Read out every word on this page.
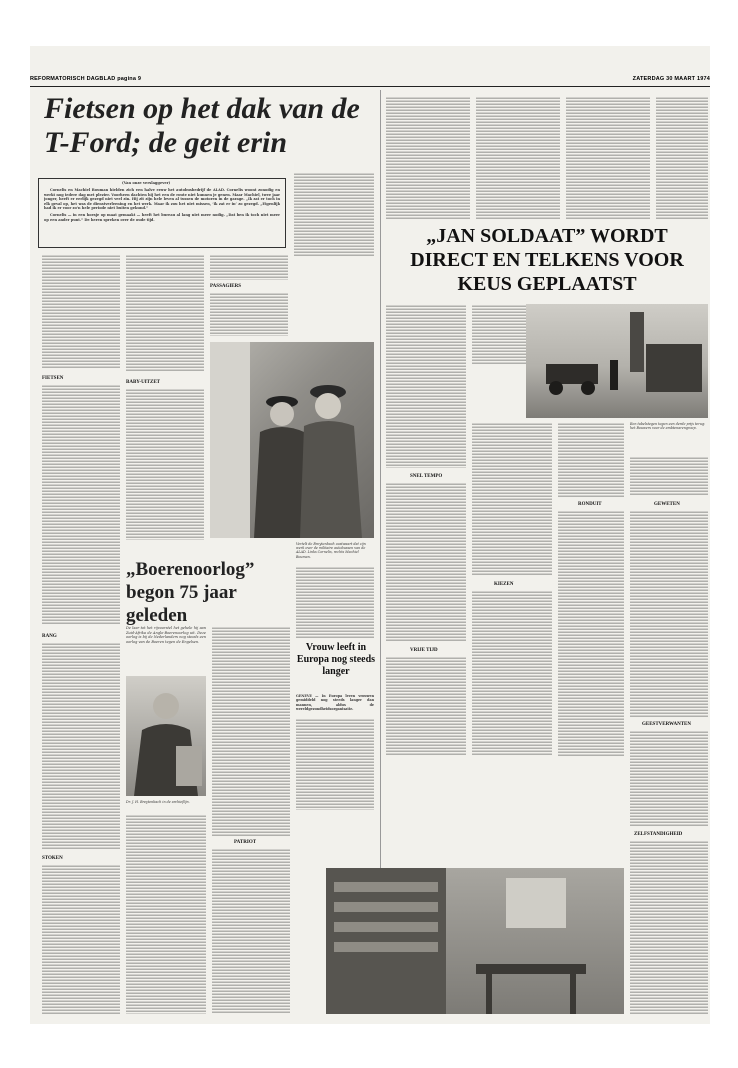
REFORMATORISCH DAGBLAD pagina 9	ZATERDAG 30 MAART 1974
Fietsen op het dak van de
T-Ford; de geit erin
(Van onze verslaggever)

Cornelis en Machiel Bouman hielden zich een halve eeuw het autobusbedrijf de ALAD. Cornelis woont zonodig en werkt nog iedere dag met plezier. Voorheen dachten hij het een de route niet kunnen je genen. Maar Machiel, twee jaar jonger, heeft er eerlijk gezegd niet veel zin. Hij zit zijn hele leven al tussen de motoren in de garage. „Ik zat er toch in elk geval op, het was de dienstverleening en het werk. Maar ik zou het niet missen, ‘ik zat er in’ zo gezegd. „Eigenlijk had ik er voor zo’n hele periode niet buiten gekund.”

Cornelis — in een hoesje op maat gemaakt — heeft het bureau al lang niet meer nodig. „Dat ben ik toch niet meer op een ander punt.” De heren spreken over de oude tijd.

FIETSEN
RANG
STOKEN
BABY-UITZET
PASSAGIERS
Vertelt de Breytenbach oostwaart dat zijn werk over de militaire autobussen van de ALAD. Links Cornelis, rechts Machiel Bouman.
„Boerenoorlog” begon 75 jaar geleden
De laar tot het rijvoorstel het gehele hij aan Zuid-Afrika de Anglo-Boerenoorlog uit. Deze oorlog is bij de Nederlanders nog steeds een oorlog van de Boeren tegen de Engelsen.
Dr. J. H. Breytenbach in de archieflijn.
PATRIOT
Vrouw leeft in Europa nog steeds langer
GENEVE — In Europa leven vrouwen gemiddeld nog steeds langer dan mannen, aldus de wereldgezondheidsorganisatie.
„JAN SOLDAAT” WORDT DIRECT EN TELKENS VOOR KEUS GEPLAATST
SNEL TEMPO
VRIJE TIJD
Een tabelstegen tegen een derde prijs terug: het Bouwers voor de ambtenarengroep.
KIEZEN
RONDUIT	GEWETEN
GEESTVERWANTEN
ZELFSTANDIGHEID
